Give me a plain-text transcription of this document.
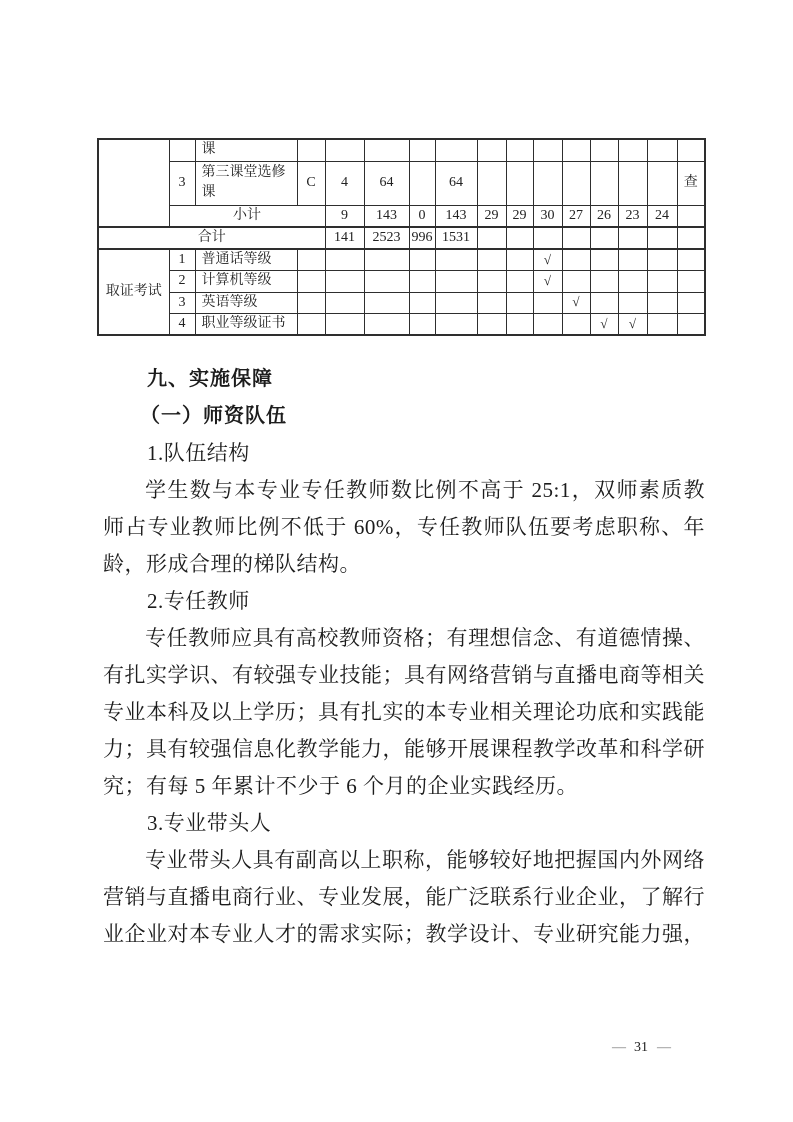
		课													
	3	第三课堂选修课	C	4	64		64								查
	小计			9	143	0	143	29	29	30	27	26	23	24	
合计				141	2523	996	1531								
取证考试	1	普通话等级								√					
	2	计算机等级								√					
	3	英语等级									√				
	4	职业等级证书										√	√		
九、实施保障
（一）师资队伍
1.队伍结构
学生数与本专业专任教师数比例不高于 25:1，双师素质教师占专业教师比例不低于 60%，专任教师队伍要考虑职称、年龄，形成合理的梯队结构。
2.专任教师
专任教师应具有高校教师资格；有理想信念、有道德情操、有扎实学识、有较强专业技能；具有网络营销与直播电商等相关专业本科及以上学历；具有扎实的本专业相关理论功底和实践能力；具有较强信息化教学能力，能够开展课程教学改革和科学研究；有每 5 年累计不少于 6 个月的企业实践经历。
3.专业带头人
专业带头人具有副高以上职称，能够较好地把握国内外网络营销与直播电商行业、专业发展，能广泛联系行业企业，了解行业企业对本专业人才的需求实际；教学设计、专业研究能力强，
— 31 —
